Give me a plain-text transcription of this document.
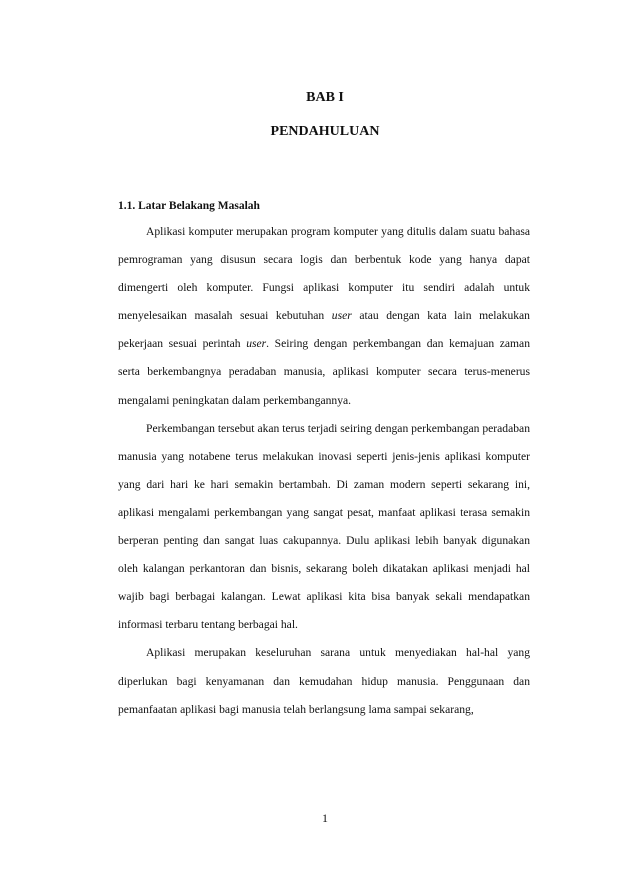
BAB I
PENDAHULUAN
1.1. Latar Belakang Masalah

Aplikasi komputer merupakan program komputer yang ditulis dalam suatu bahasa pemrograman yang disusun secara logis dan berbentuk kode yang hanya dapat dimengerti oleh komputer. Fungsi aplikasi komputer itu sendiri adalah untuk menyelesaikan masalah sesuai kebutuhan user atau dengan kata lain melakukan pekerjaan sesuai perintah user. Seiring dengan perkembangan dan kemajuan zaman serta berkembangnya peradaban manusia, aplikasi komputer secara terus-menerus mengalami peningkatan dalam perkembangannya.

Perkembangan tersebut akan terus terjadi seiring dengan perkembangan peradaban manusia yang notabene terus melakukan inovasi seperti jenis-jenis aplikasi komputer yang dari hari ke hari semakin bertambah. Di zaman modern seperti sekarang ini, aplikasi mengalami perkembangan yang sangat pesat, manfaat aplikasi terasa semakin berperan penting dan sangat luas cakupannya. Dulu aplikasi lebih banyak digunakan oleh kalangan perkantoran dan bisnis, sekarang boleh dikatakan aplikasi menjadi hal wajib bagi berbagai kalangan. Lewat aplikasi kita bisa banyak sekali mendapatkan informasi terbaru tentang berbagai hal.

Aplikasi merupakan keseluruhan sarana untuk menyediakan hal-hal yang diperlukan bagi kenyamanan dan kemudahan hidup manusia. Penggunaan dan pemanfaatan aplikasi bagi manusia telah berlangsung lama sampai sekarang,

1
